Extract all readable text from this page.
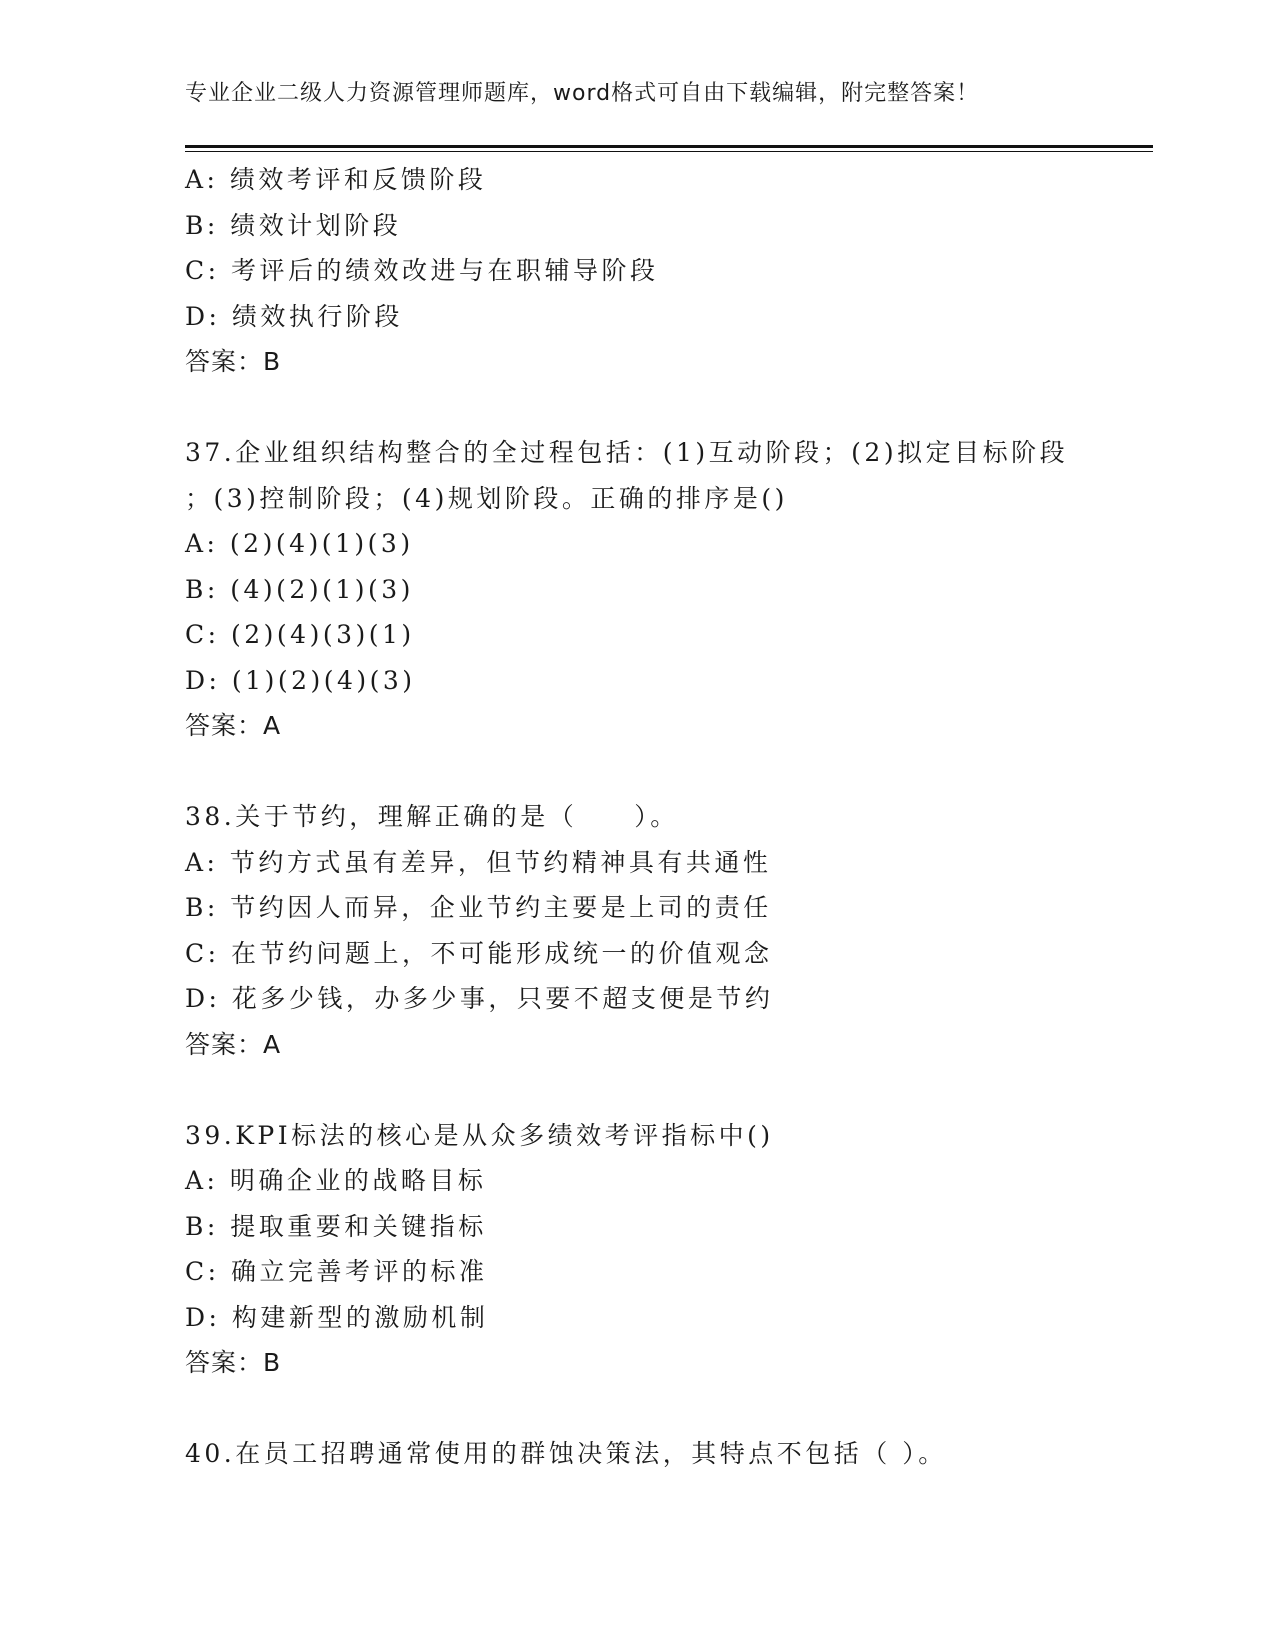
专业企业二级人力资源管理师题库，word格式可自由下载编辑，附完整答案！
A: 绩效考评和反馈阶段
B: 绩效计划阶段
C: 考评后的绩效改进与在职辅导阶段
D: 绩效执行阶段
答案：B
37.企业组织结构整合的全过程包括：(1)互动阶段；(2)拟定目标阶段
；(3)控制阶段；(4)规划阶段。正确的排序是()
A: (2)(4)(1)(3)
B: (4)(2)(1)(3)
C: (2)(4)(3)(1)
D: (1)(2)(4)(3)
答案：A
38.关于节约，理解正确的是（　　）。
A: 节约方式虽有差异，但节约精神具有共通性
B: 节约因人而异，企业节约主要是上司的责任
C: 在节约问题上，不可能形成统一的价值观念
D: 花多少钱，办多少事，只要不超支便是节约
答案：A
39.KPI标法的核心是从众多绩效考评指标中()
A: 明确企业的战略目标
B: 提取重要和关键指标
C: 确立完善考评的标准
D: 构建新型的激励机制
答案：B
40.在员工招聘通常使用的群蚀决策法，其特点不包括（ ）。
